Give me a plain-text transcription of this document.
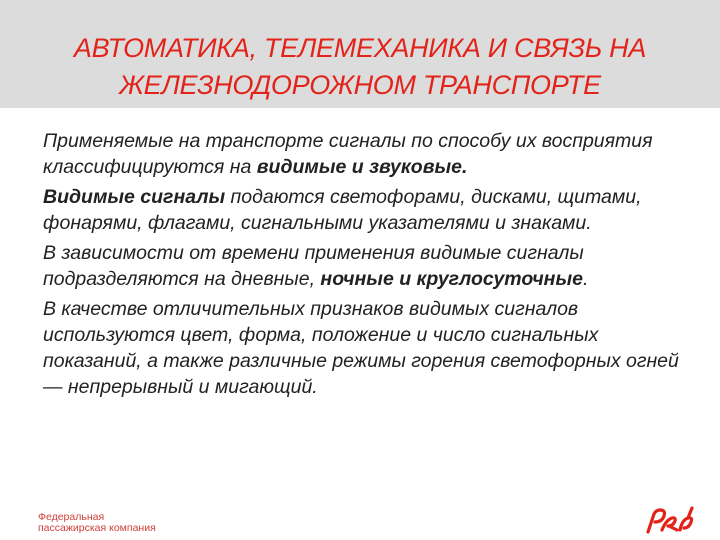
АВТОМАТИКА, ТЕЛЕМЕХАНИКА И СВЯЗЬ НА
ЖЕЛЕЗНОДОРОЖНОМ ТРАНСПОРТЕ

Применяемые на транспорте сигналы по способу их восприятия классифицируются на видимые и звуковые.

Видимые сигналы подаются светофорами, дисками, щитами, фонарями, флагами, сигнальными указателями и знаками.

В зависимости от времени применения видимые сигналы подразделяются на дневные, ночные и круглосуточные.

В качестве отличительных признаков видимых сигналов используются цвет, форма, положение и число сигнальных показаний, а также различные режимы горения светофорных огней — непрерывный и мигающий.

Федеральная
пассажирская компания
